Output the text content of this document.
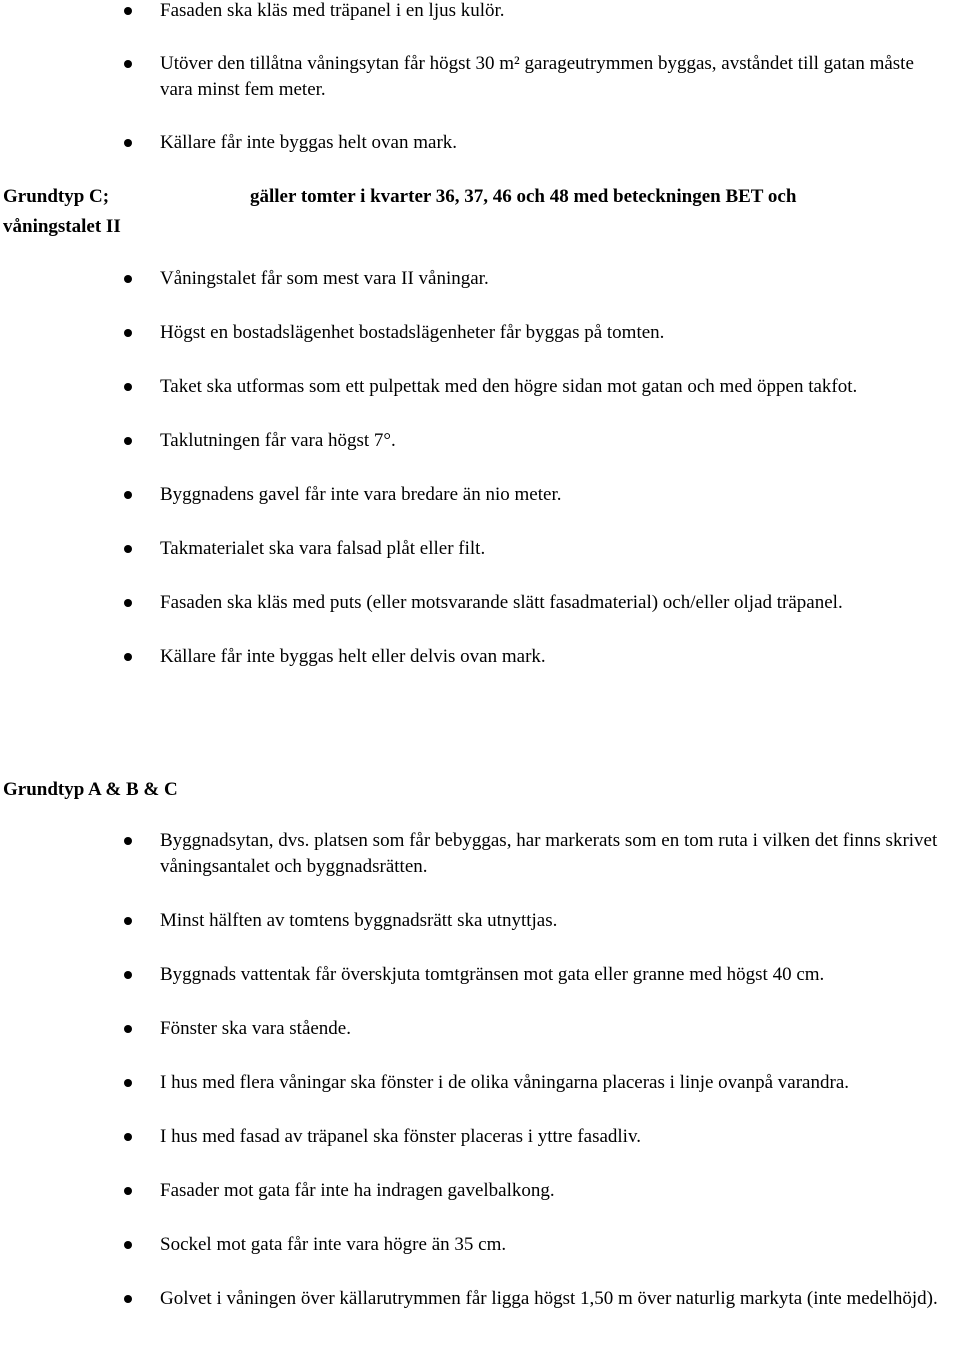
Fasaden ska kläs med träpanel i en ljus kulör.
Utöver den tillåtna våningsytan får högst 30 m² garageutrymmen byggas, avståndet till gatan måste vara minst fem meter.
Källare får inte byggas helt ovan mark.
Grundtyp C;
våningstalet II
gäller tomter i kvarter 36, 37, 46 och 48 med beteckningen BET och
Våningstalet får som mest vara II våningar.
Högst en bostadslägenhet bostadslägenheter får byggas på tomten.
Taket ska utformas som ett pulpettak med den högre sidan mot gatan och med öppen takfot.
Taklutningen får vara högst 7°.
Byggnadens gavel får inte vara bredare än nio meter.
Takmaterialet ska vara falsad plåt eller filt.
Fasaden ska kläs med puts (eller motsvarande slätt fasadmaterial) och/eller oljad träpanel.
Källare får inte byggas helt eller delvis ovan mark.
Grundtyp A & B & C
Byggnadsytan, dvs. platsen som får bebyggas, har markerats som en tom ruta i vilken det finns skrivet våningsantalet och byggnadsrätten.
Minst hälften av tomtens byggnadsrätt ska utnyttjas.
Byggnads vattentak får överskjuta tomtgränsen mot gata eller granne med högst 40 cm.
Fönster ska vara stående.
I hus med flera våningar ska fönster i de olika våningarna placeras i linje ovanpå varandra.
I hus med fasad av träpanel ska fönster placeras i yttre fasadliv.
Fasader mot gata får inte ha indragen gavelbalkong.
Sockel mot gata får inte vara högre än 35 cm.
Golvet i våningen över källarutrymmen får ligga högst 1,50 m över naturlig markyta (inte medelhöjd).
